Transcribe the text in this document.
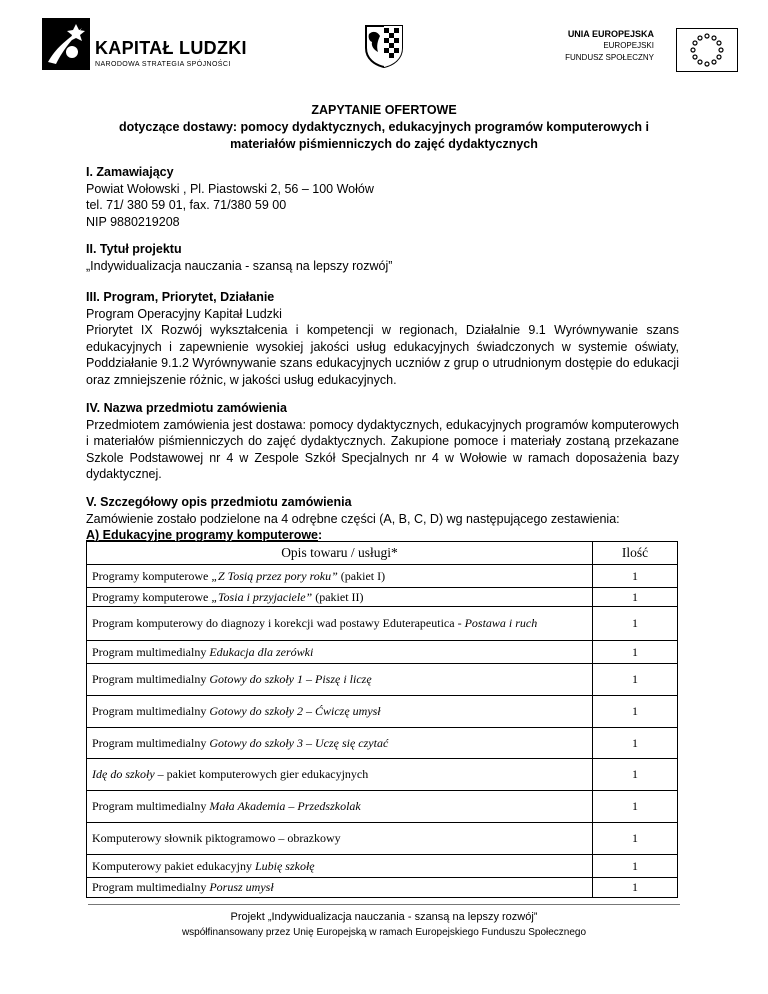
KAPITAŁ LUDZKI
NARODOWA STRATEGIA SPÓJNOŚCI
UNIA EUROPEJSKA
EUROPEJSKI
FUNDUSZ SPOŁECZNY
ZAPYTANIE OFERTOWE
dotyczące dostawy: pomocy dydaktycznych, edukacyjnych programów komputerowych i
materiałów piśmienniczych do zajęć dydaktycznych
I. Zamawiający
Powiat Wołowski , Pl. Piastowski 2, 56 – 100 Wołów
tel. 71/ 380 59 01, fax. 71/380 59 00
NIP 9880219208
II. Tytuł projektu
„Indywidualizacja nauczania - szansą na lepszy rozwój”
III. Program, Priorytet, Działanie
Program Operacyjny Kapitał Ludzki
Priorytet IX Rozwój wykształcenia i kompetencji w regionach, Działalnie 9.1 Wyrównywanie szans edukacyjnych i zapewnienie wysokiej jakości usług edukacyjnych świadczonych w systemie oświaty, Poddziałanie 9.1.2 Wyrównywanie szans edukacyjnych uczniów z grup o utrudnionym dostępie do edukacji oraz zmniejszenie różnic, w jakości usług edukacyjnych.
IV. Nazwa przedmiotu zamówienia
Przedmiotem zamówienia jest dostawa: pomocy dydaktycznych, edukacyjnych programów komputerowych i materiałów piśmienniczych do zajęć dydaktycznych. Zakupione pomoce i materiały zostaną przekazane Szkole Podstawowej nr 4 w Zespole Szkół Specjalnych nr 4 w Wołowie w ramach doposażenia bazy dydaktycznej.
V. Szczegółowy opis przedmiotu zamówienia
Zamówienie zostało podzielone na 4 odrębne części (A, B, C, D) wg następującego zestawienia:
A) Edukacyjne programy komputerowe:
Opis towaru / usługi*	Ilość
Programy komputerowe „Z Tosią przez pory roku” (pakiet I)	1
Programy komputerowe „Tosia i przyjaciele” (pakiet II)	1
Program komputerowy do diagnozy i korekcji wad postawy Eduterapeutica - Postawa i ruch	1
Program multimedialny Edukacja dla zerówki	1
Program multimedialny Gotowy do szkoły 1 – Piszę i liczę	1
Program multimedialny Gotowy do szkoły 2 – Ćwiczę umysł	1
Program multimedialny Gotowy do szkoły 3 – Uczę się czytać	1
Idę do szkoły – pakiet komputerowych gier edukacyjnych	1
Program multimedialny Mała Akademia – Przedszkolak	1
Komputerowy słownik piktogramowo – obrazkowy	1
Komputerowy pakiet edukacyjny Lubię szkołę	1
Program multimedialny Porusz umysł	1
Projekt „Indywidualizacja nauczania - szansą na lepszy rozwój”
współfinansowany przez Unię Europejską w ramach Europejskiego Funduszu Społecznego
